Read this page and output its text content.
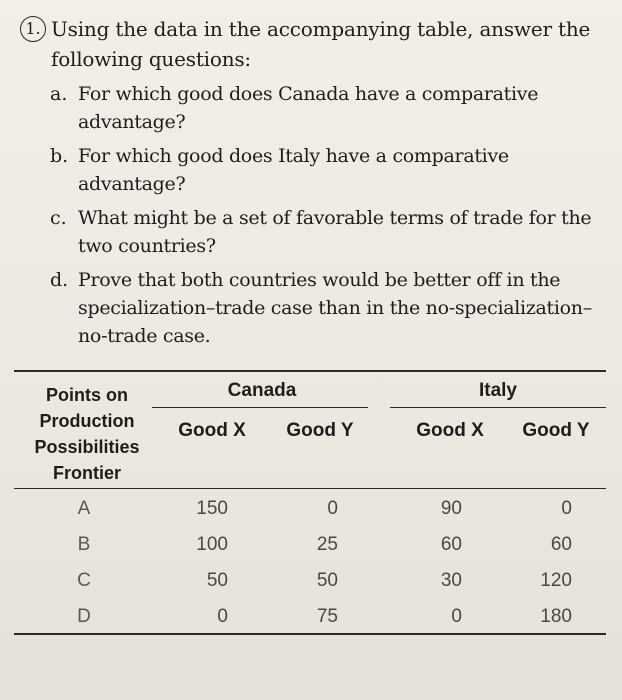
1. Using the data in the accompanying table, answer the following questions:
a. For which good does Canada have a comparative advantage?
b. For which good does Italy have a comparative advantage?
c. What might be a set of favorable terms of trade for the two countries?
d. Prove that both countries would be better off in the specialization–trade case than in the no-specialization–no-trade case.
Points on Production Possibilities Frontier
Canada	Italy
Good X	Good Y	Good X	Good Y
A	150	0	90	0
B	100	25	60	60
C	50	50	30	120
D	0	75	0	180
